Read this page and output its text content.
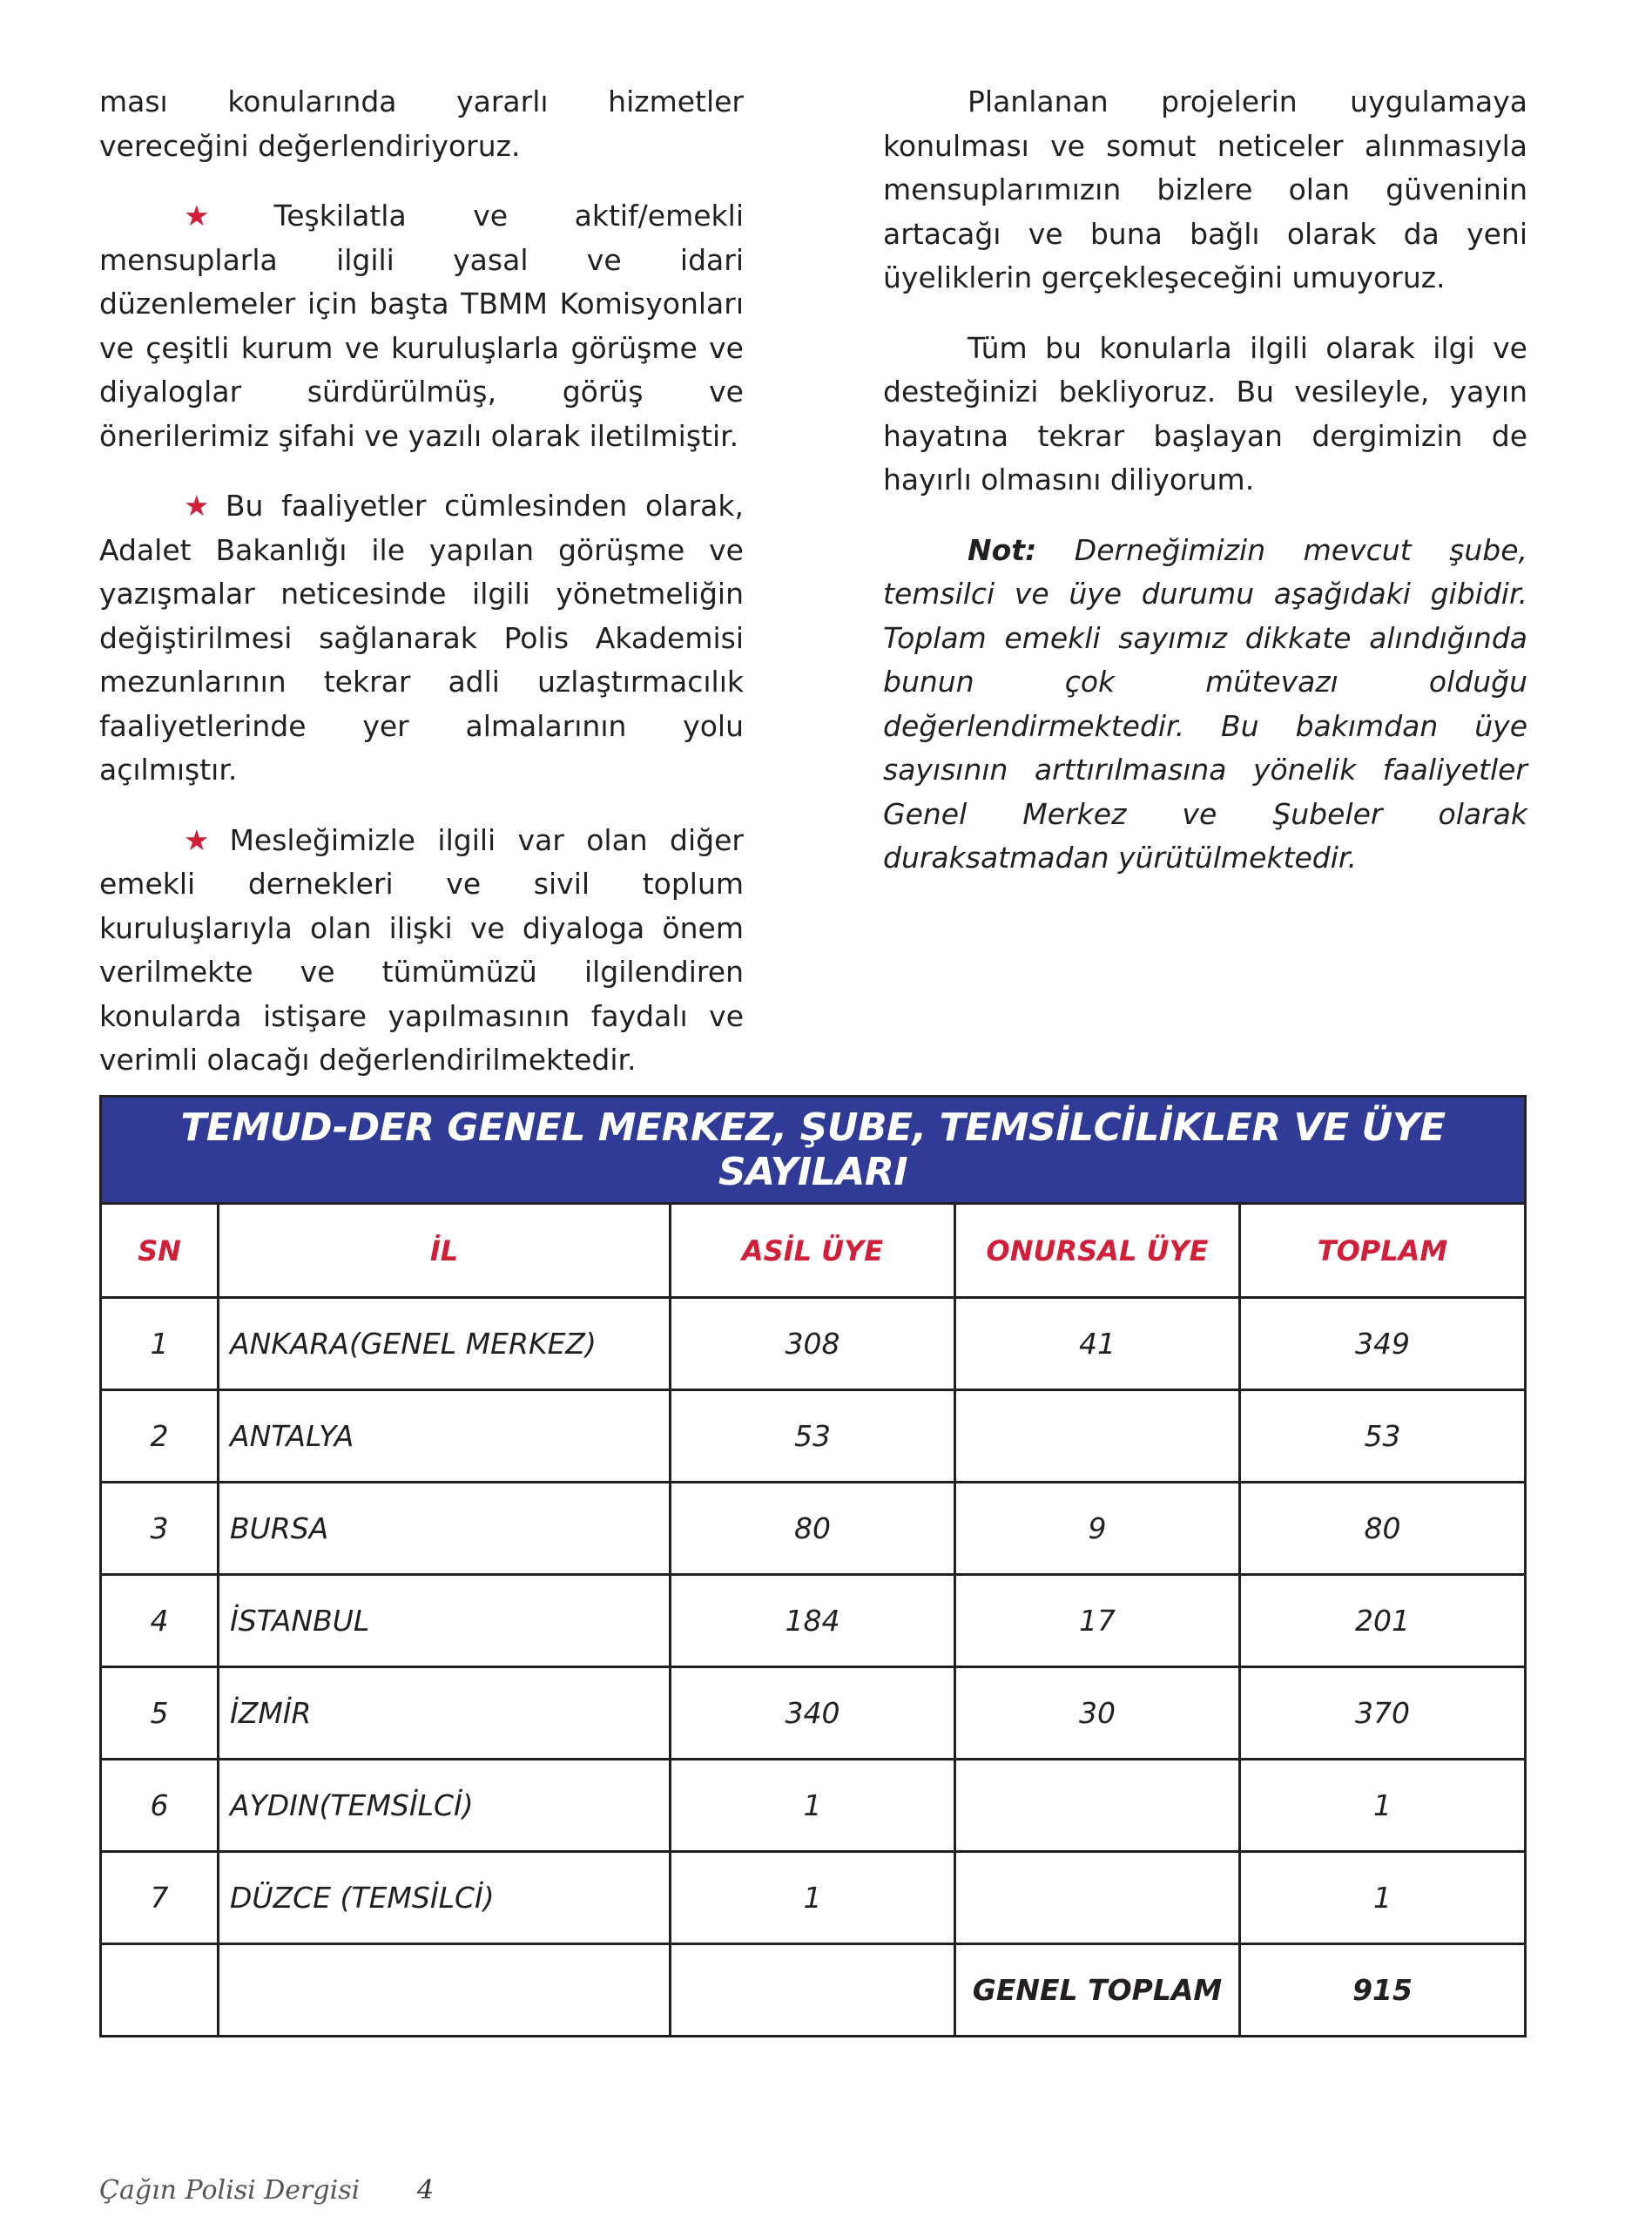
ması konularında yararlı hizmetler vereceğini değerlendiriyoruz.

★ Teşkilatla ve aktif/emekli mensuplarla ilgili yasal ve idari düzenlemeler için başta TBMM Komisyonları ve çeşitli kurum ve kuruluşlarla görüşme ve diyaloglar sürdürülmüş, görüş ve önerilerimiz şifahi ve yazılı olarak iletilmiştir.

★ Bu faaliyetler cümlesinden olarak, Adalet Bakanlığı ile yapılan görüşme ve yazışmalar neticesinde ilgili yönetmeliğin değiştirilmesi sağlanarak Polis Akademisi mezunlarının tekrar adli uzlaştırmacılık faaliyetlerinde yer almalarının yolu açılmıştır.

★ Mesleğimizle ilgili var olan diğer emekli dernekleri ve sivil toplum kuruluşlarıyla olan ilişki ve diyaloga önem verilmekte ve tümümüzü ilgilendiren konularda istişare yapılmasının faydalı ve verimli olacağı değerlendirilmektedir.

Planlanan projelerin uygulamaya konulması ve somut neticeler alınmasıyla mensuplarımızın bizlere olan güveninin artacağı ve buna bağlı olarak da yeni üyeliklerin gerçekleşeceğini umuyoruz.

Tüm bu konularla ilgili olarak ilgi ve desteğinizi bekliyoruz. Bu vesileyle, yayın hayatına tekrar başlayan dergimizin de hayırlı olmasını diliyorum.

Not: Derneğimizin mevcut şube, temsilci ve üye durumu aşağıdaki gibidir. Toplam emekli sayımız dikkate alındığında bunun çok mütevazı olduğu değerlendirmektedir. Bu bakımdan üye sayısının arttırılmasına yönelik faaliyetler Genel Merkez ve Şubeler olarak duraksatmadan yürütülmektedir.

TEMUD-DER GENEL MERKEZ, ŞUBE, TEMSİLCİLİKLER VE ÜYE SAYILARI				
SN	İL	ASİL ÜYE	ONURSAL ÜYE	TOPLAM
1	ANKARA(GENEL MERKEZ)	308	41	349
2	ANTALYA	53		53
3	BURSA	80	9	80
4	İSTANBUL	184	17	201
5	İZMİR	340	30	370
6	AYDIN(TEMSİLCİ)	1		1
7	DÜZCE (TEMSİLCİ)	1		1
			GENEL TOPLAM	915
Çağın Polisi Dergisi 4
